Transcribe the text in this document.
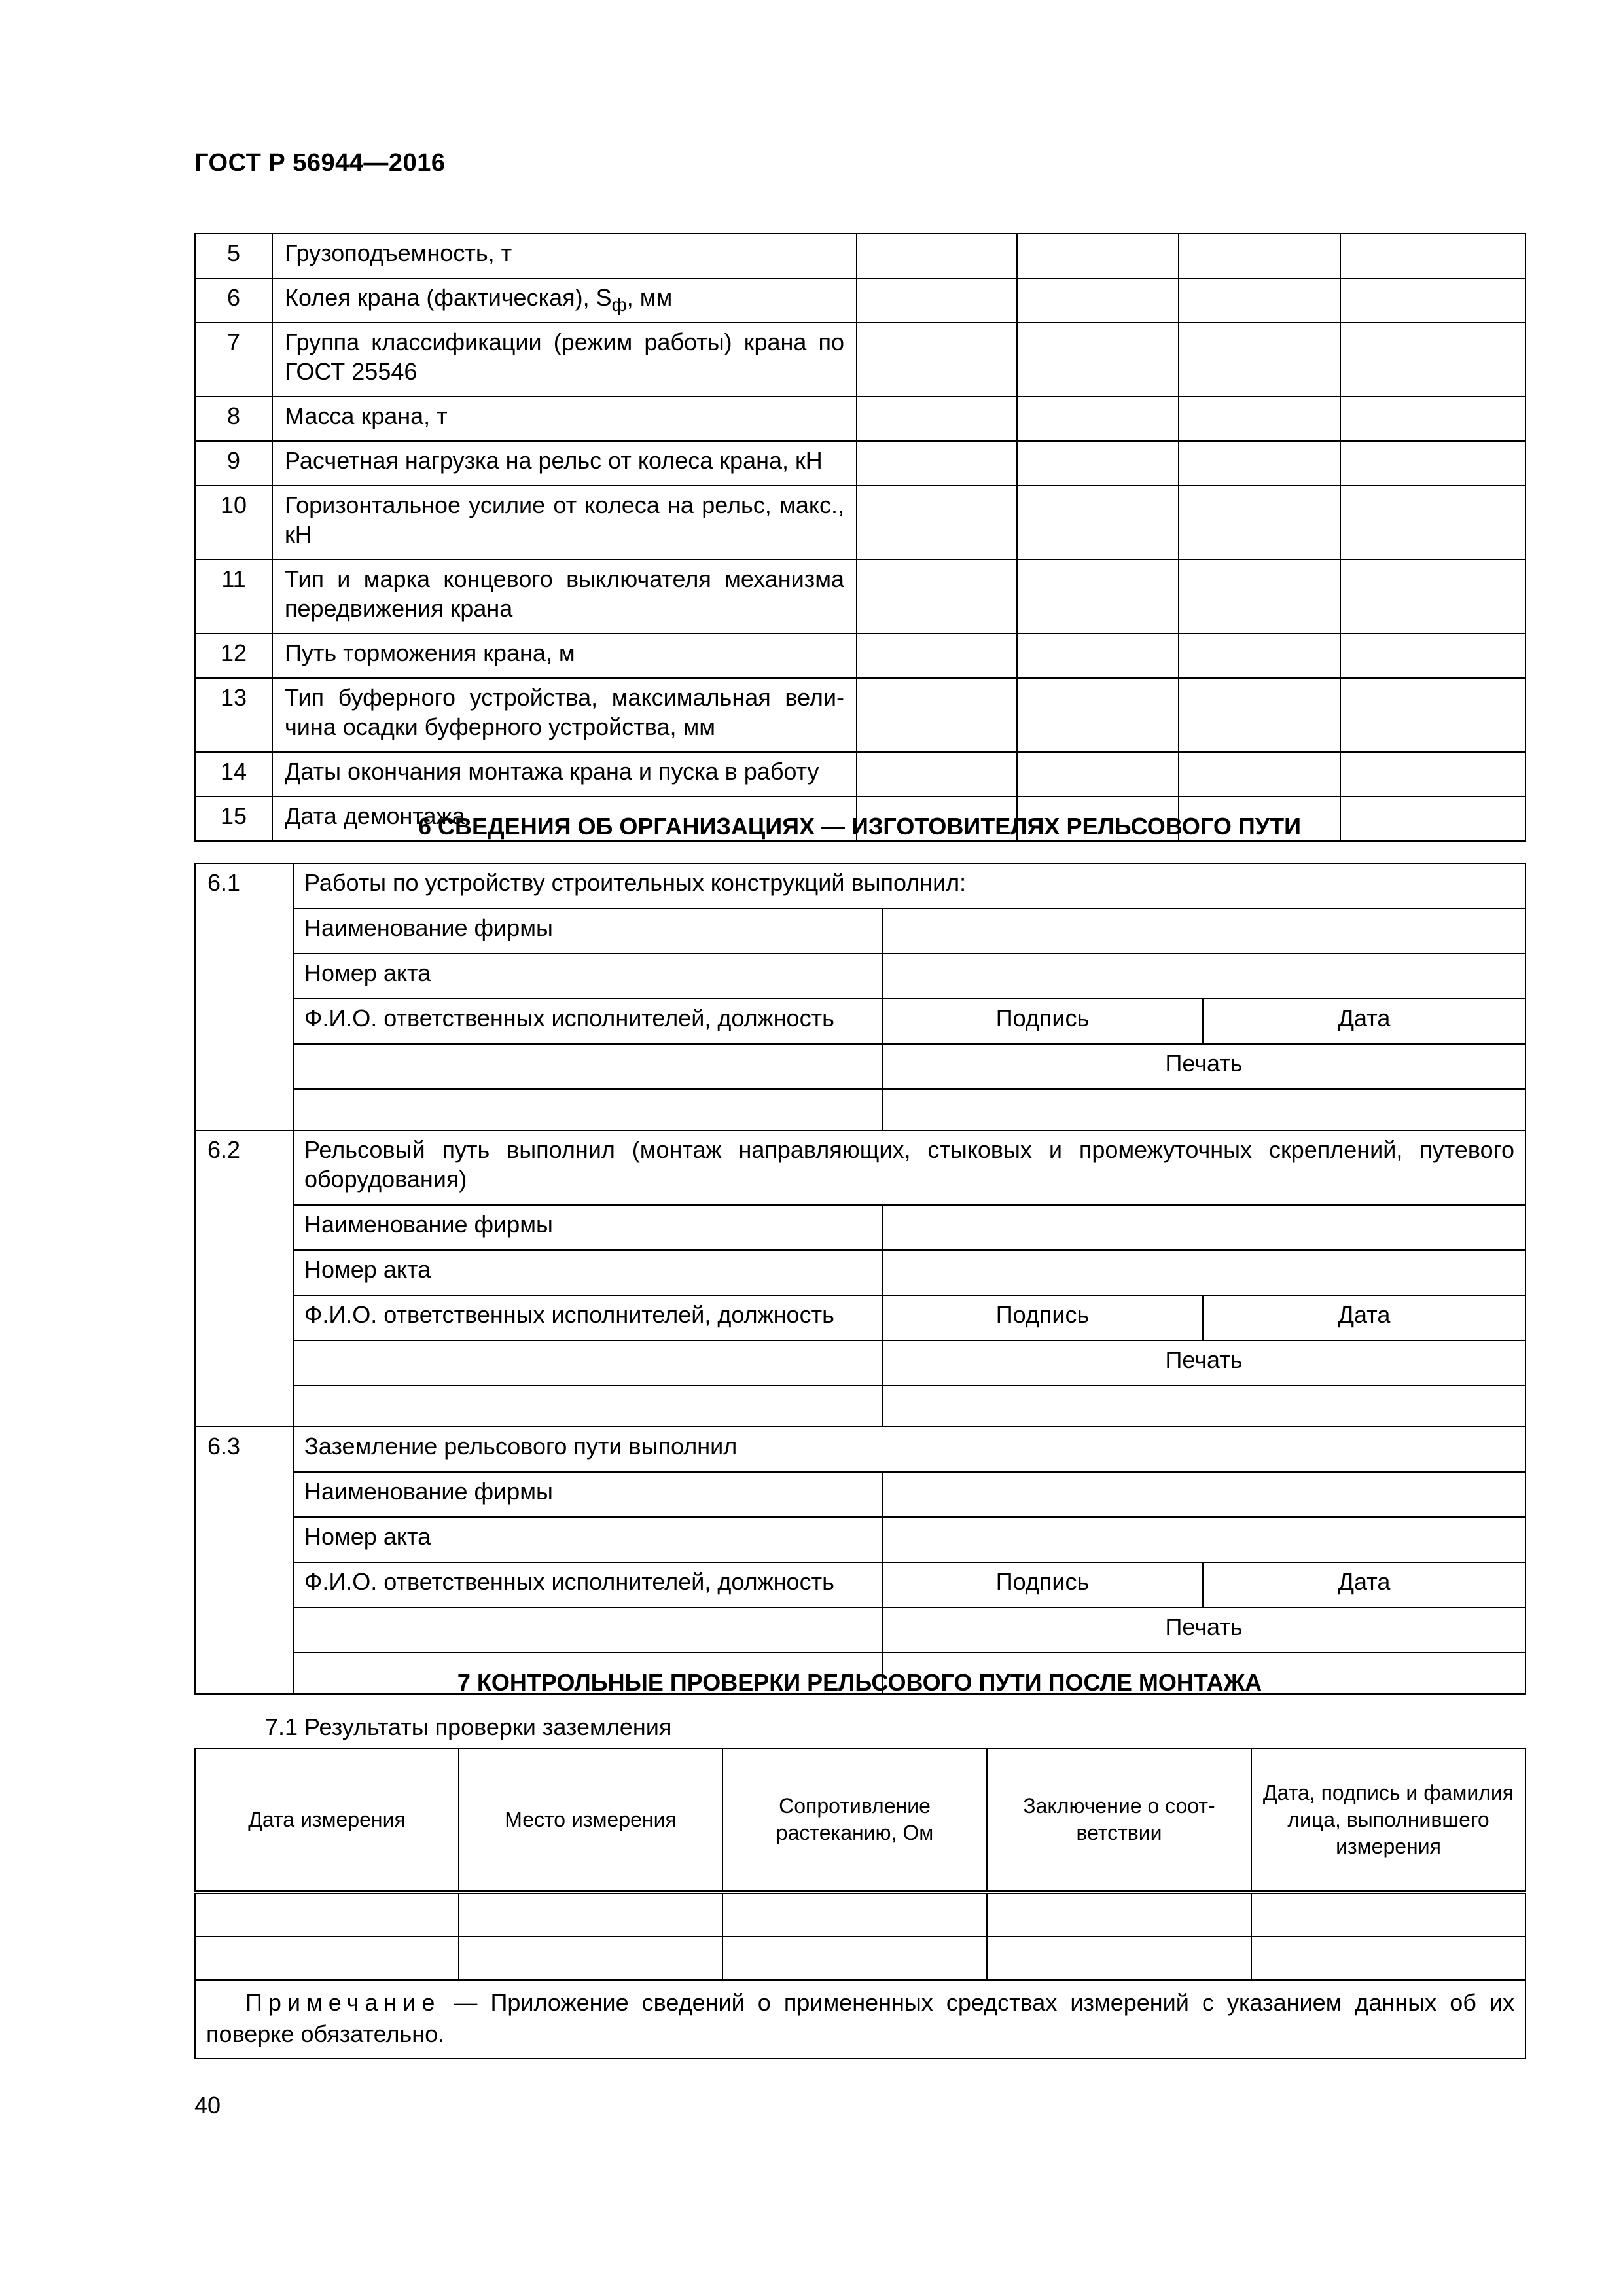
ГОСТ Р 56944—2016
5	Грузоподъемность, т				
6	Колея крана (фактическая), $S_ф$, мм				
7	Группа классификации (режим работы) крана по ГОСТ 25546				
8	Масса крана, т				
9	Расчетная нагрузка на рельс от колеса крана, кН				
10	Горизонтальное усилие от колеса на рельс, макс., кН				
11	Тип и марка концевого выключателя механизма передвижения крана				
12	Путь торможения крана, м				
13	Тип буферного устройства, максимальная вели-чина осадки буферного устройства, мм				
14	Даты окончания монтажа крана и пуска в работу				
15	Дата демонтажа				
6 СВЕДЕНИЯ ОБ ОРГАНИЗАЦИЯХ — ИЗГОТОВИТЕЛЯХ РЕЛЬСОВОГО ПУТИ
6.1	Работы по устройству строительных конструкций выполнил:		
	Наименование фирмы		
	Номер акта		
	Ф.И.О. ответственных исполнителей, должность	Подпись	Дата
		Печать	

6.2	Рельсовый путь выполнил (монтаж направляющих, стыковых и промежуточных скреплений, путевого оборудования)		
	Наименование фирмы		
	Номер акта		
	Ф.И.О. ответственных исполнителей, должность	Подпись	Дата
		Печать	

6.3	Заземление рельсового пути выполнил		
	Наименование фирмы		
	Номер акта		
	Ф.И.О. ответственных исполнителей, должность	Подпись	Дата
		Печать	

7 КОНТРОЛЬНЫЕ ПРОВЕРКИ РЕЛЬСОВОГО ПУТИ ПОСЛЕ МОНТАЖА
7.1 Результаты проверки заземления
Дата измерения	Место измерения	Сопротивление растеканию, Ом	Заключение о соот-ветствии	Дата, подпись и фамилия лица, выполнившего измерения

Примечание — Приложение сведений о примененных средствах измерений с указанием данных об их поверке обязательно.				
40
